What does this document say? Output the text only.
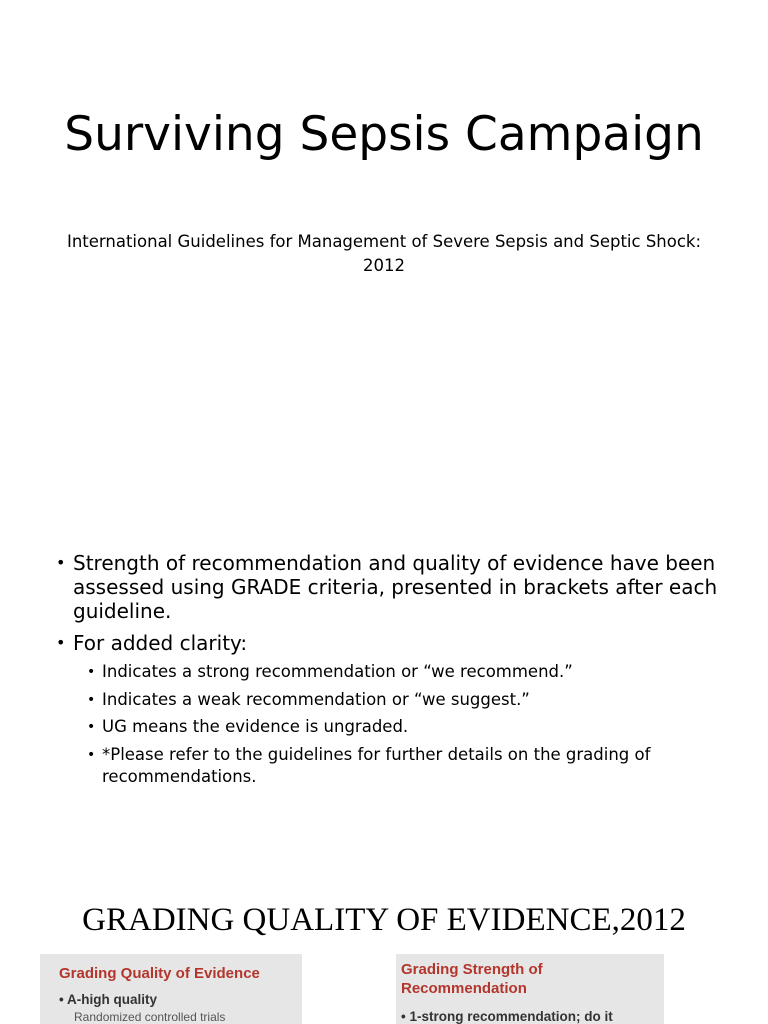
Surviving Sepsis Campaign
International Guidelines for Management of Severe Sepsis and Septic Shock: 2012
• Strength of recommendation and quality of evidence have been assessed using GRADE criteria, presented in brackets after each guideline.
• For added clarity:
• Indicates a strong recommendation or “we recommend.”
• Indicates a weak recommendation or “we suggest.”
• UG means the evidence is ungraded.
• *Please refer to the guidelines for further details on the grading of recommendations.
GRADING QUALITY OF EVIDENCE,2012
Grading Quality of Evidence
• A-high quality
Randomized controlled trials
Grading Strength of Recommendation
• 1-strong recommendation; do it
